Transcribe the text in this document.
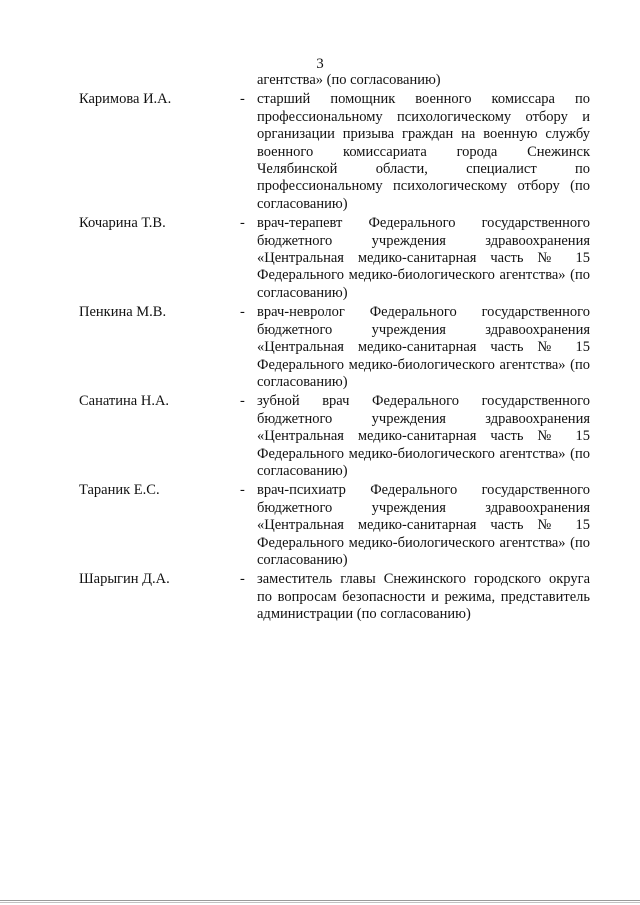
3
агентства» (по согласованию)
Каримова И.А.	- старший помощник военного комиссара по профессиональному психологическому отбору и организации призыва граждан на военную службу военного комиссариата города Снежинск Челябинской области, специалист по профессиональному психологическому отбору (по согласованию)
Кочарина Т.В.	- врач-терапевт Федерального государственного бюджетного учреждения здравоохранения «Центральная медико-санитарная часть № 15 Федерального медико-биологического агентства» (по согласованию)
Пенкина М.В.	- врач-невролог Федерального государственного бюджетного учреждения здравоохранения «Центральная медико-санитарная часть № 15 Федерального медико-биологического агентства» (по согласованию)
Санатина Н.А.	- зубной врач Федерального государственного бюджетного учреждения здравоохранения «Центральная медико-санитарная часть № 15 Федерального медико-биологического агентства» (по согласованию)
Тараник Е.С.	- врач-психиатр Федерального государственного бюджетного учреждения здравоохранения «Центральная медико-санитарная часть № 15 Федерального медико-биологического агентства» (по согласованию)
Шарыгин Д.А.	- заместитель главы Снежинского городского округа по вопросам безопасности и режима, представитель администрации (по согласованию)
